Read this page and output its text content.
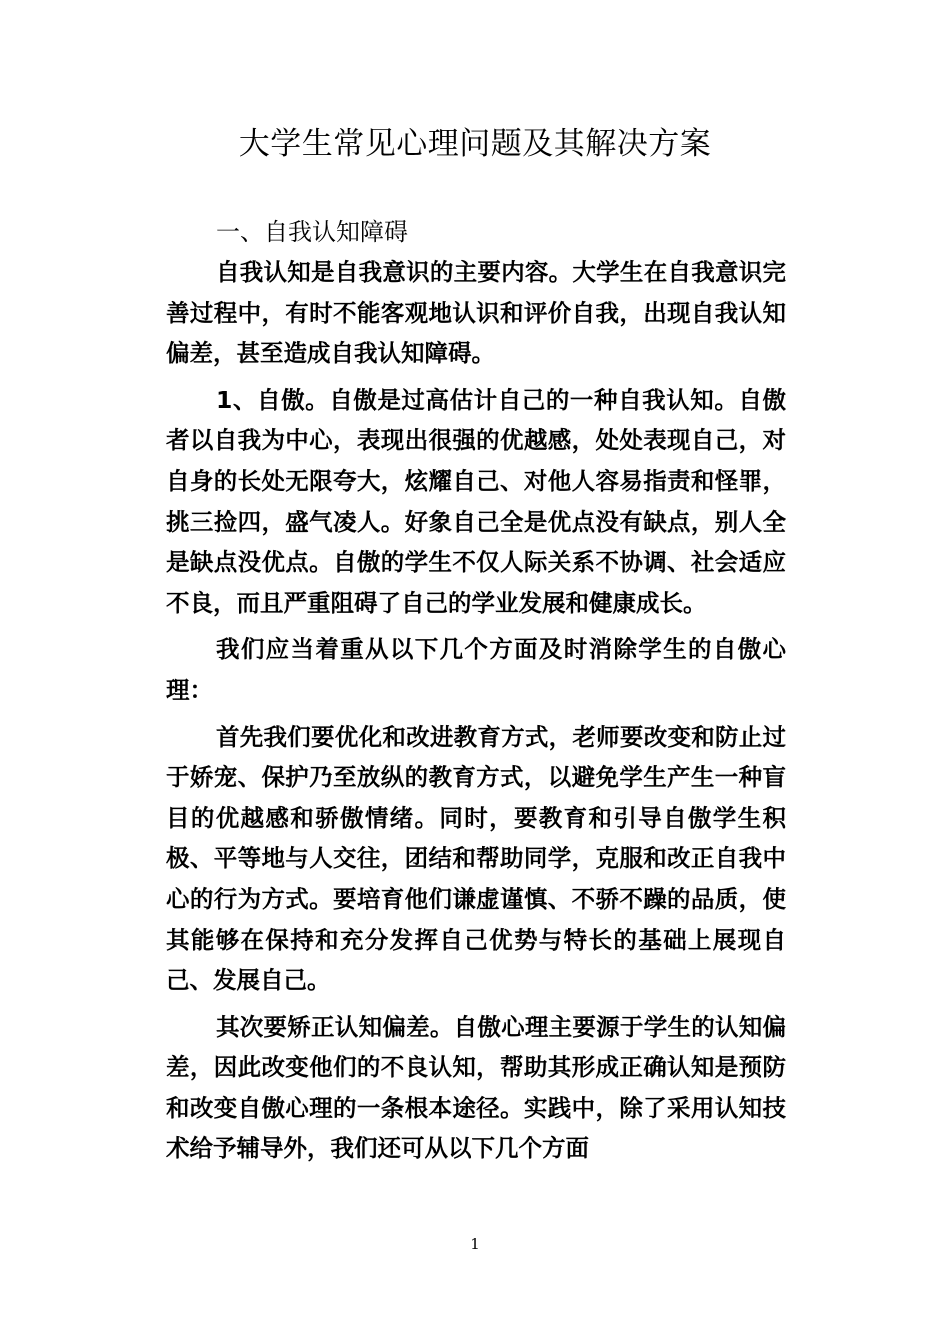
大学生常见心理问题及其解决方案
一、自我认知障碍

自我认知是自我意识的主要内容。大学生在自我意识完善过程中，有时不能客观地认识和评价自我，出现自我认知偏差，甚至造成自我认知障碍。

1、自傲。自傲是过高估计自己的一种自我认知。自傲者以自我为中心，表现出很强的优越感，处处表现自己，对自身的长处无限夸大，炫耀自己、对他人容易指责和怪罪，挑三捡四，盛气凌人。好象自己全是优点没有缺点，别人全是缺点没优点。自傲的学生不仅人际关系不协调、社会适应不良，而且严重阻碍了自己的学业发展和健康成长。

我们应当着重从以下几个方面及时消除学生的自傲心理：

首先我们要优化和改进教育方式，老师要改变和防止过于娇宠、保护乃至放纵的教育方式，以避免学生产生一种盲目的优越感和骄傲情绪。同时，要教育和引导自傲学生积极、平等地与人交往，团结和帮助同学，克服和改正自我中心的行为方式。要培育他们谦虚谨慎、不骄不躁的品质，使其能够在保持和充分发挥自己优势与特长的基础上展现自己、发展自己。

其次要矫正认知偏差。自傲心理主要源于学生的认知偏差，因此改变他们的不良认知，帮助其形成正确认知是预防和改变自傲心理的一条根本途径。实践中，除了采用认知技术给予辅导外，我们还可从以下几个方面

1
